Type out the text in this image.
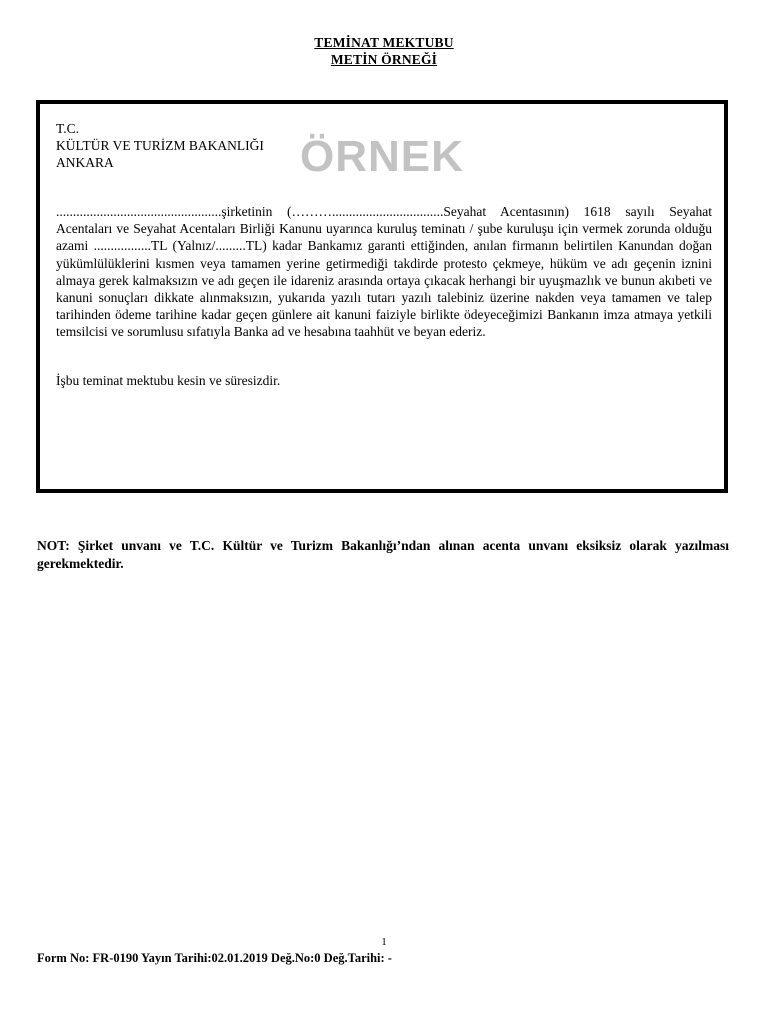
TEMİNAT MEKTUBU
METİN ÖRNEĞİ
T.C.
KÜLTÜR VE TURİZM BAKANLIĞI
ANKARA	ÖRNEK

.................................................şirketinin (……….................................Seyahat Acentasının) 1618 sayılı Seyahat Acentaları ve Seyahat Acentaları Birliği Kanunu uyarınca kuruluş teminatı / şube kuruluşu için vermek zorunda olduğu azami .................TL (Yalnız/.........TL) kadar Bankamız garanti ettiğinden, anılan firmanın belirtilen Kanundan doğan yükümlülüklerini kısmen veya tamamen yerine getirmediği takdirde protesto çekmeye, hüküm ve adı geçenin iznini almaya gerek kalmaksızın ve adı geçen ile idareniz arasında ortaya çıkacak herhangi bir uyuşmazlık ve bunun akıbeti ve kanuni sonuçları dikkate alınmaksızın, yukarıda yazılı tutarı yazılı talebiniz üzerine nakden veya tamamen ve talep tarihinden ödeme tarihine kadar geçen günlere ait kanuni faiziyle birlikte ödeyeceğimizi Bankanın imza atmaya yetkili temsilcisi ve sorumlusu sıfatıyla Banka ad ve hesabına taahhüt ve beyan ederiz.

İşbu teminat mektubu kesin ve süresizdir.

NOT: Şirket unvanı ve T.C. Kültür ve Turizm Bakanlığı’ndan alınan acenta unvanı eksiksiz olarak yazılması gerekmektedir.

1
Form No: FR-0190 Yayın Tarihi:02.01.2019 Değ.No:0 Değ.Tarihi: -
